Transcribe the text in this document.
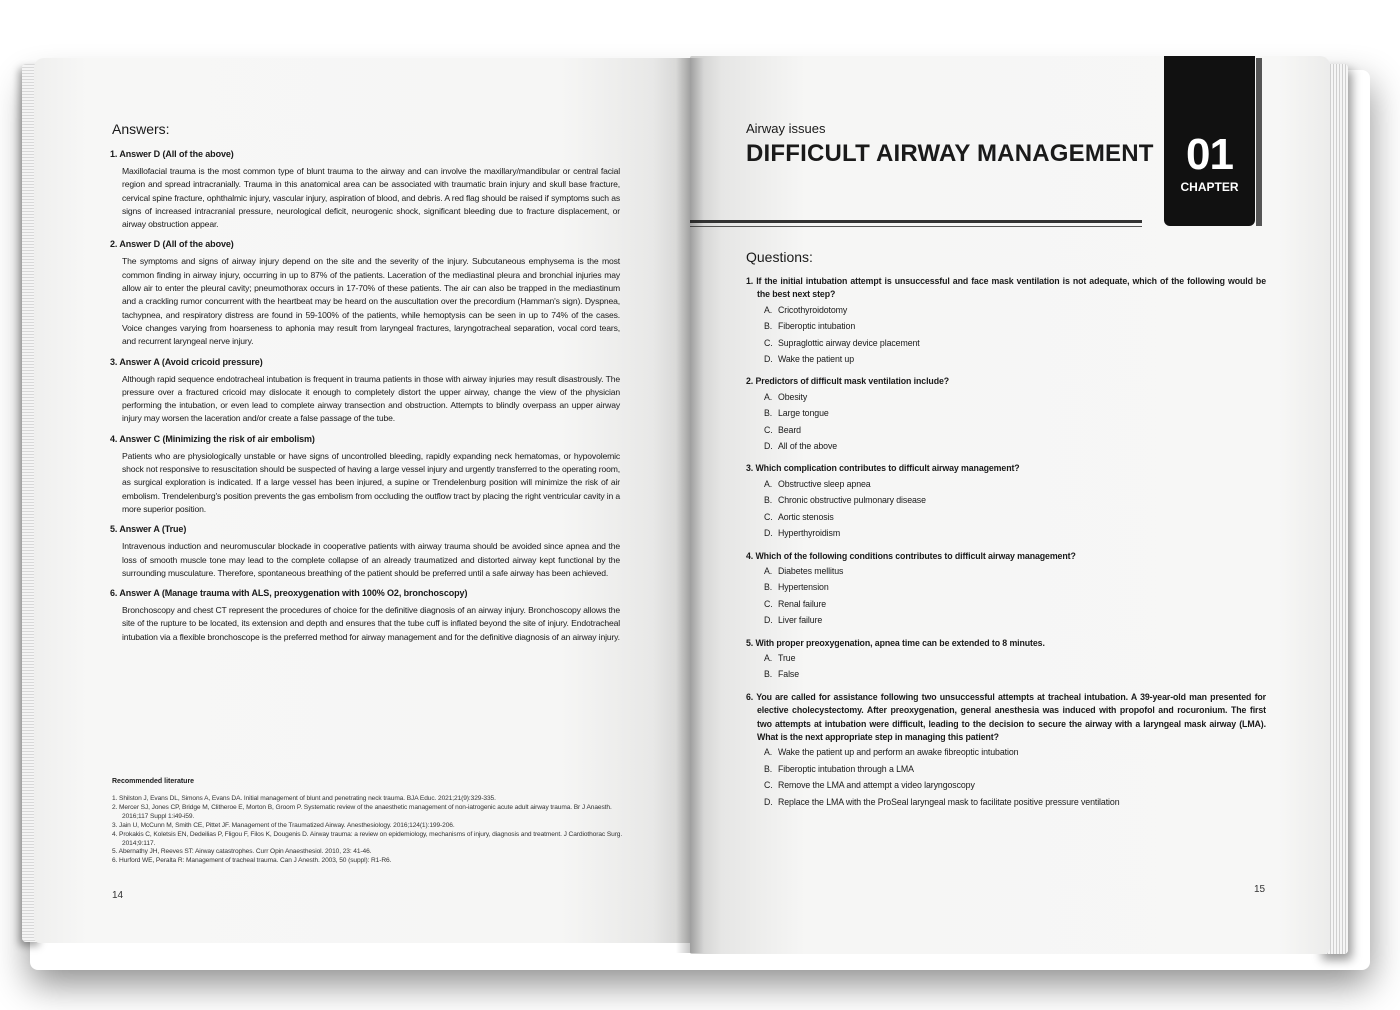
Answers:
1. Answer D (All of the above)
Maxillofacial trauma is the most common type of blunt trauma to the airway and can involve the maxillary/mandibular or central facial region and spread intracranially. Trauma in this anatomical area can be associated with traumatic brain injury and skull base fracture, cervical spine fracture, ophthalmic injury, vascular injury, aspiration of blood, and debris. A red flag should be raised if symptoms such as signs of increased intracranial pressure, neurological deficit, neurogenic shock, significant bleeding due to fracture displacement, or airway obstruction appear.
2. Answer D (All of the above)
The symptoms and signs of airway injury depend on the site and the severity of the injury. Subcutaneous emphysema is the most common finding in airway injury, occurring in up to 87% of the patients. Laceration of the mediastinal pleura and bronchial injuries may allow air to enter the pleural cavity; pneumothorax occurs in 17-70% of these patients. The air can also be trapped in the mediastinum and a crackling rumor concurrent with the heartbeat may be heard on the auscultation over the precordium (Hamman's sign). Dyspnea, tachypnea, and respiratory distress are found in 59-100% of the patients, while hemoptysis can be seen in up to 74% of the cases. Voice changes varying from hoarseness to aphonia may result from laryngeal fractures, laryngotracheal separation, vocal cord tears, and recurrent laryngeal nerve injury.
3. Answer A (Avoid cricoid pressure)
Although rapid sequence endotracheal intubation is frequent in trauma patients in those with airway injuries may result disastrously. The pressure over a fractured cricoid may dislocate it enough to completely distort the upper airway, change the view of the physician performing the intubation, or even lead to complete airway transection and obstruction. Attempts to blindly overpass an upper airway injury may worsen the laceration and/or create a false passage of the tube.
4. Answer C (Minimizing the risk of air embolism)
Patients who are physiologically unstable or have signs of uncontrolled bleeding, rapidly expanding neck hematomas, or hypovolemic shock not responsive to resuscitation should be suspected of having a large vessel injury and urgently transferred to the operating room, as surgical exploration is indicated. If a large vessel has been injured, a supine or Trendelenburg position will minimize the risk of air embolism. Trendelenburg's position prevents the gas embolism from occluding the outflow tract by placing the right ventricular cavity in a more superior position.
5. Answer A (True)
Intravenous induction and neuromuscular blockade in cooperative patients with airway trauma should be avoided since apnea and the loss of smooth muscle tone may lead to the complete collapse of an already traumatized and distorted airway kept functional by the surrounding musculature. Therefore, spontaneous breathing of the patient should be preferred until a safe airway has been achieved.
6. Answer A (Manage trauma with ALS, preoxygenation with 100% O2, bronchoscopy)
Bronchoscopy and chest CT represent the procedures of choice for the definitive diagnosis of an airway injury. Bronchoscopy allows the site of the rupture to be located, its extension and depth and ensures that the tube cuff is inflated beyond the site of injury. Endotracheal intubation via a flexible bronchoscope is the preferred method for airway management and for the definitive diagnosis of an airway injury.
Recommended literature
1. Shilston J, Evans DL, Simons A, Evans DA. Initial management of blunt and penetrating neck trauma. BJA Educ. 2021;21(9):329-335.
2. Mercer SJ, Jones CP, Bridge M, Clitheroe E, Morton B, Groom P. Systematic review of the anaesthetic management of non-iatrogenic acute adult airway trauma. Br J Anaesth. 2016;117 Suppl 1:i49-i59.
3. Jain U, McCunn M, Smith CE, Pittet JF. Management of the Traumatized Airway. Anesthesiology. 2016;124(1):199-206.
4. Prokakis C, Koletsis EN, Dedeilias P, Fligou F, Filos K, Dougenis D. Airway trauma: a review on epidemiology, mechanisms of injury, diagnosis and treatment. J Cardiothorac Surg. 2014;9:117.
5. Abernathy JH, Reeves ST: Airway catastrophes. Curr Opin Anaesthesiol. 2010, 23: 41-46.
6. Hurford WE, Peralta R: Management of tracheal trauma. Can J Anesth. 2003, 50 (suppl): R1-R6.
14
01
CHAPTER
Airway issues
DIFFICULT AIRWAY MANAGEMENT
Questions:
1. If the initial intubation attempt is unsuccessful and face mask ventilation is not adequate, which of the following would be the best next step?
A. Cricothyroidotomy
B. Fiberoptic intubation
C. Supraglottic airway device placement
D. Wake the patient up
2. Predictors of difficult mask ventilation include?
A. Obesity
B. Large tongue
C. Beard
D. All of the above
3. Which complication contributes to difficult airway management?
A. Obstructive sleep apnea
B. Chronic obstructive pulmonary disease
C. Aortic stenosis
D. Hyperthyroidism
4. Which of the following conditions contributes to difficult airway management?
A. Diabetes mellitus
B. Hypertension
C. Renal failure
D. Liver failure
5. With proper preoxygenation, apnea time can be extended to 8 minutes.
A. True
B. False
6. You are called for assistance following two unsuccessful attempts at tracheal intubation. A 39-year-old man presented for elective cholecystectomy. After preoxygenation, general anesthesia was induced with propofol and rocuronium. The first two attempts at intubation were difficult, leading to the decision to secure the airway with a laryngeal mask airway (LMA). What is the next appropriate step in managing this patient?
A. Wake the patient up and perform an awake fibreoptic intubation
B. Fiberoptic intubation through a LMA
C. Remove the LMA and attempt a video laryngoscopy
D. Replace the LMA with the ProSeal laryngeal mask to facilitate positive pressure ventilation
15
